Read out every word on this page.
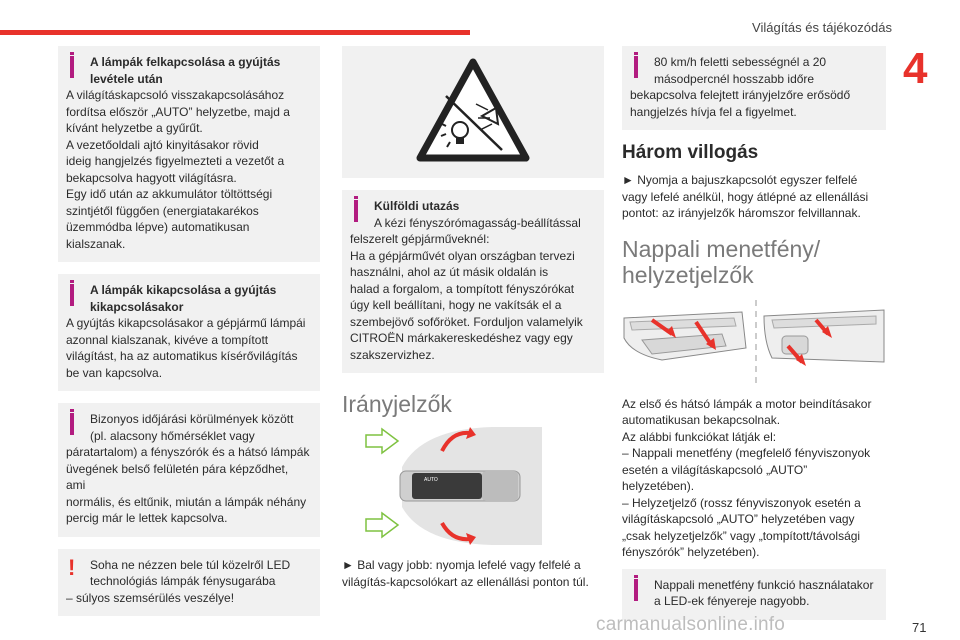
Világítás és tájékozódás
4
A lámpák felkapcsolása a gyújtás levétele után

A világításkapcsoló visszakapcsolásához

fordítsa először „AUTO” helyzetbe, majd a

kívánt helyzetbe a gyűrűt.

A vezetőoldali ajtó kinyitásakor rövid

ideig hangjelzés figyelmezteti a vezetőt a

bekapcsolva hagyott világításra.

Egy idő után az akkumulátor töltöttségi

szintjétől függően (energiatakarékos

üzemmódba lépve) automatikusan

kialszanak.

A lámpák kikapcsolása a gyújtás kikapcsolásakor

A gyújtás kikapcsolásakor a gépjármű lámpái

azonnal kialszanak, kivéve a tompított

világítást, ha az automatikus kísérővilágítás

be van kapcsolva.

Bizonyos időjárási körülmények között (pl. alacsony hőmérséklet vagy

páratartalom) a fényszórók és a hátsó lámpák

üvegének belső felületén pára képződhet, ami

normális, és eltűnik, miután a lámpák néhány

percig már le lettek kapcsolva.

!	Soha ne nézzen bele túl közelről LED technológiás lámpák fénysugarába

– súlyos szemsérülés veszélye!

Külföldi utazás
A kézi fényszórómagasság-beállítással

felszerelt gépjárműveknél:

Ha a gépjárművét olyan országban tervezi

használni, ahol az út másik oldalán is

halad a forgalom, a tompított fényszórókat

úgy kell beállítani, hogy ne vakítsák el a

szembejövő sofőröket. Forduljon valamelyik

CITROËN márkakereskedéshez vagy egy

szakszervizhez.

Irányjelzők
AUTO

► Bal vagy jobb: nyomja lefelé vagy felfelé a

világítás-kapcsolókart az ellenállási ponton túl.

80 km/h feletti sebességnél a 20 másodpercnél hosszabb időre

bekapcsolva felejtett irányjelzőre erősödő

hangjelzés hívja fel a figyelmet.

Három villogás

► Nyomja a bajuszkapcsolót egyszer felfelé

vagy lefelé anélkül, hogy átlépné az ellenállási

pontot: az irányjelzők háromszor felvillannak.

Nappali menetfény/ helyzetjelzők

Az első és hátsó lámpák a motor beindításakor

automatikusan bekapcsolnak.

Az alábbi funkciókat látják el:

– Nappali menetfény (megfelelő fényviszonyok

esetén a világításkapcsoló „AUTO”

helyzetében).

– Helyzetjelző (rossz fényviszonyok esetén a

világításkapcsoló „AUTO” helyzetében vagy

„csak helyzetjelzők” vagy „tompított/távolsági

fényszórók” helyzetében).

Nappali menetfény funkció használatakor

a LED-ek fényereje nagyobb.

carmanualsonline.info	71
